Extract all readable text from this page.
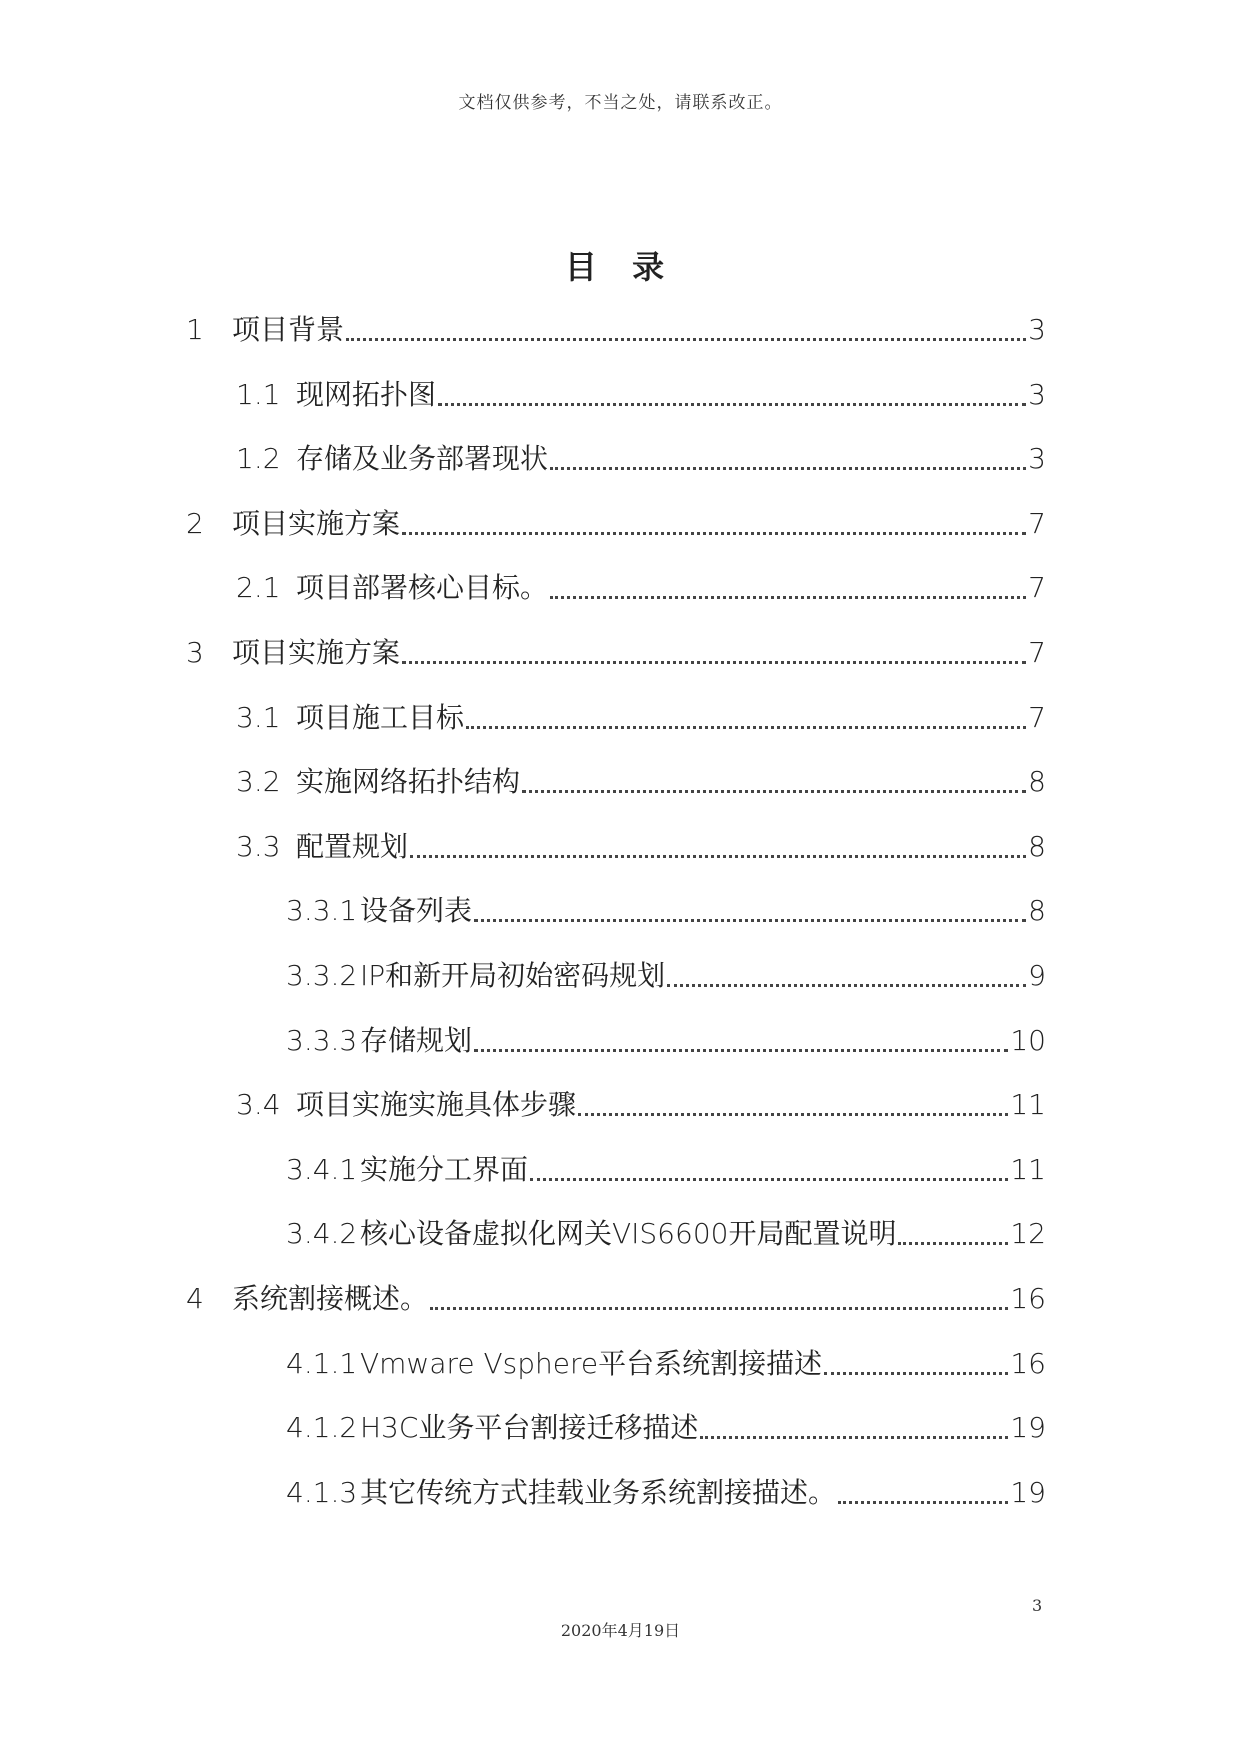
文档仅供参考，不当之处，请联系改正。
目 录
1	项目背景	3
1.1 现网拓扑图	3
1.2 存储及业务部署现状	3
2	项目实施方案	7
2.1 项目部署核心目标。	7
3	项目实施方案	7
3.1 项目施工目标	7
3.2 实施网络拓扑结构	8
3.3 配置规划	8
3.3.1 设备列表	8
3.3.2 IP和新开局初始密码规划	9
3.3.3 存储规划	10
3.4 项目实施实施具体步骤	11
3.4.1 实施分工界面	11
3.4.2 核心设备虚拟化网关VIS6600开局配置说明	12
4	系统割接概述。	16
4.1.1 Vmware Vsphere平台系统割接描述	16
4.1.2 H3C业务平台割接迁移描述	19
4.1.3 其它传统方式挂载业务系统割接描述。	19
3
2020年4月19日
